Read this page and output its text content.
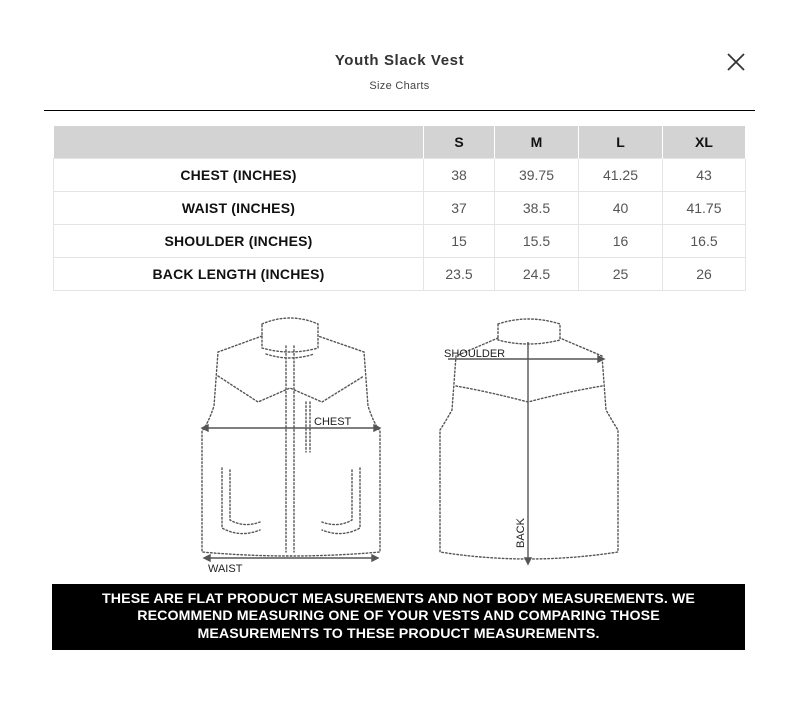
Youth Slack Vest
Size Charts
	S	M	L	XL
CHEST (INCHES)	38	39.75	41.25	43
WAIST (INCHES)	37	38.5	40	41.75
SHOULDER (INCHES)	15	15.5	16	16.5
BACK LENGTH (INCHES)	23.5	24.5	25	26
CHEST
WAIST
SHOULDER
BACK
THESE ARE FLAT PRODUCT MEASUREMENTS AND NOT BODY MEASUREMENTS. WE RECOMMEND MEASURING ONE OF YOUR VESTS AND COMPARING THOSE MEASUREMENTS TO THESE PRODUCT MEASUREMENTS.
